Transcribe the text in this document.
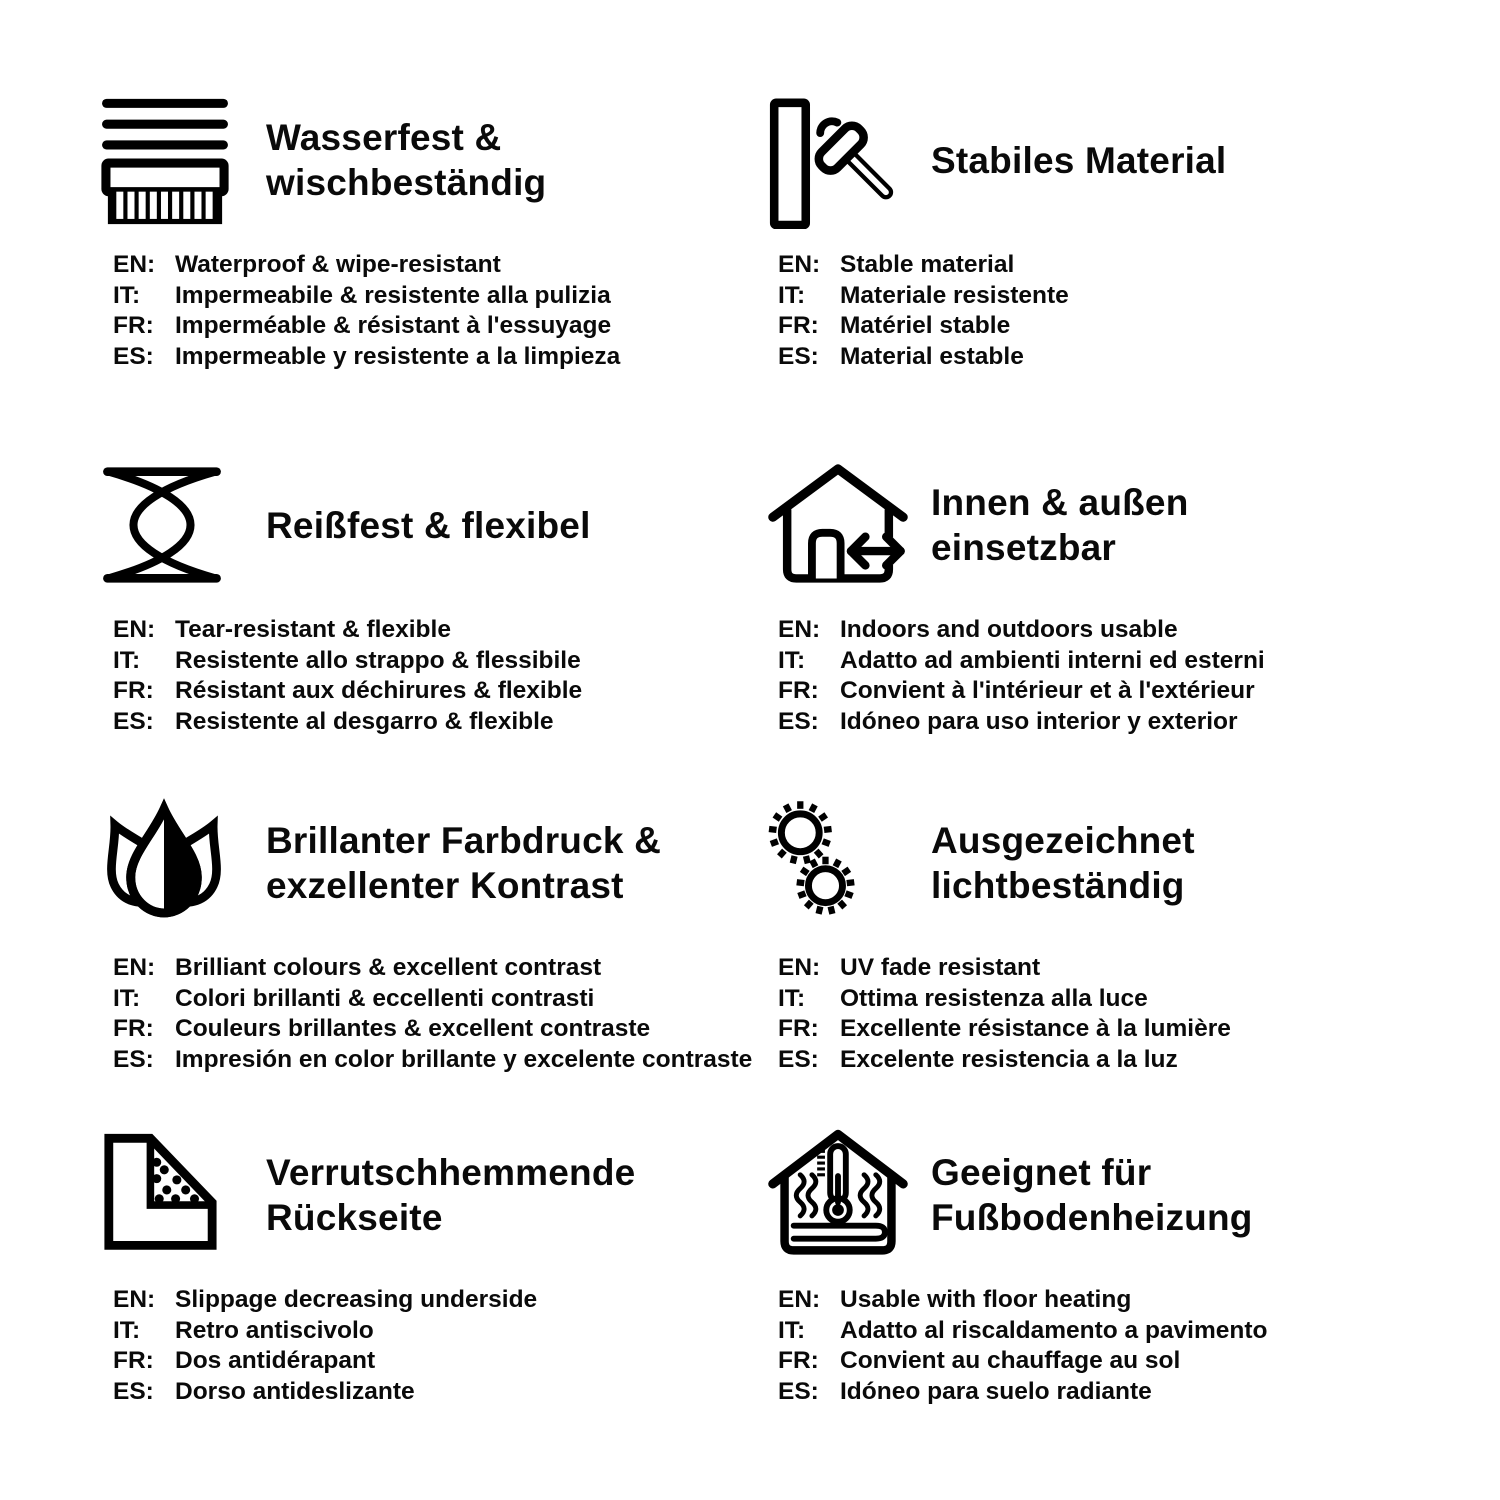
Wasserfest &
wischbeständig
EN: Waterproof & wipe-resistant
IT:	Impermeabile & resistente alla pulizia
FR: Imperméable & résistant à l'essuyage
ES: Impermeable y resistente a la limpieza
Stabiles Material
EN: Stable material
IT:	Materiale resistente
FR: Matériel stable
ES: Material estable
Reißfest & flexibel
EN: Tear-resistant & flexible
IT:	Resistente allo strappo & flessibile
FR: Résistant aux déchirures & flexible
ES: Resistente al desgarro & flexible
Innen & außen
einsetzbar
EN: Indoors and outdoors usable
IT:	Adatto ad ambienti interni ed esterni
FR: Convient à l'intérieur et à l'extérieur
ES: Idóneo para uso interior y exterior
Brillanter Farbdruck &
exzellenter Kontrast
EN: Brilliant colours & excellent contrast
IT:	Colori brillanti & eccellenti contrasti
FR: Couleurs brillantes & excellent contraste
ES: Impresión en color brillante y excelente contraste
Ausgezeichnet
lichtbeständig
EN: UV fade resistant
IT:	Ottima resistenza alla luce
FR: Excellente résistance à la lumière
ES: Excelente resistencia a la luz
Verrutschhemmende
Rückseite
EN: Slippage decreasing underside
IT:	Retro antiscivolo
FR: Dos antidérapant
ES: Dorso antideslizante
Geeignet für
Fußbodenheizung
EN: Usable with floor heating
IT:	Adatto al riscaldamento a pavimento
FR: Convient au chauffage au sol
ES: Idóneo para suelo radiante
